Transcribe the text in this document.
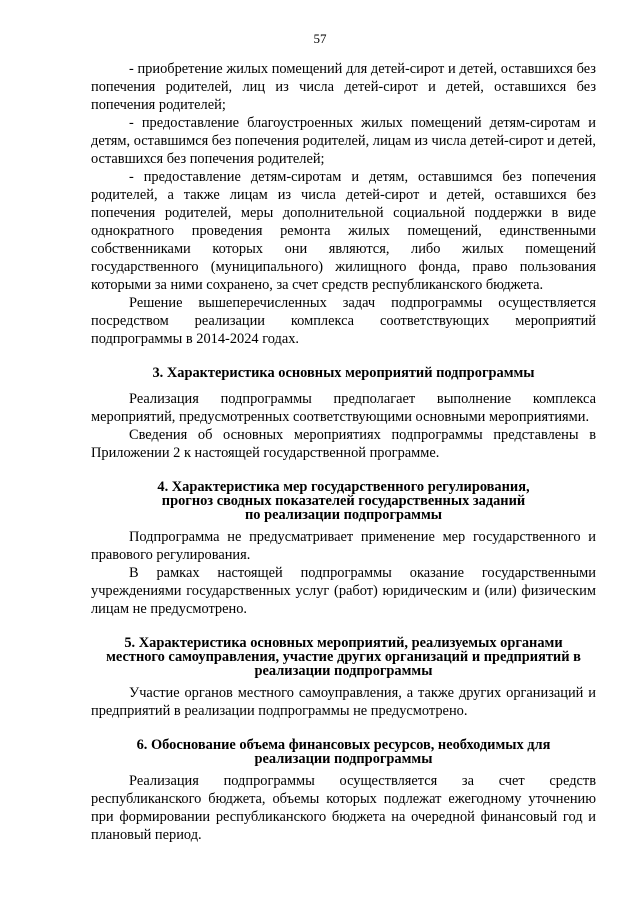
57

- приобретение жилых помещений для детей-сирот и детей, оставшихся без попечения родителей, лиц из числа детей-сирот и детей, оставшихся без попечения родителей;

- предоставление благоустроенных жилых помещений детям-сиротам и детям, оставшимся без попечения родителей, лицам из числа детей-сирот и детей, оставшихся без попечения родителей;

- предоставление детям-сиротам и детям, оставшимся без попечения родителей, а также лицам из числа детей-сирот и детей, оставшихся без попечения родителей, меры дополнительной социальной поддержки в виде однократного проведения ремонта жилых помещений, единственными собственниками которых они являются, либо жилых помещений государственного (муниципального) жилищного фонда, право пользования которыми за ними сохранено, за счет средств республиканского бюджета.

Решение вышеперечисленных задач подпрограммы осуществляется посредством реализации комплекса соответствующих мероприятий подпрограммы в 2014-2024 годах.

3. Характеристика основных мероприятий подпрограммы

Реализация подпрограммы предполагает выполнение комплекса мероприятий, предусмотренных соответствующими основными мероприятиями.

Сведения об основных мероприятиях подпрограммы представлены в Приложении 2 к настоящей государственной программе.

4. Характеристика мер государственного регулирования,
прогноз сводных показателей государственных заданий
по реализации подпрограммы

Подпрограмма не предусматривает применение мер государственного и правового регулирования.

В рамках настоящей подпрограммы оказание государственными учреждениями государственных услуг (работ) юридическим и (или) физическим лицам не предусмотрено.

5. Характеристика основных мероприятий, реализуемых органами
местного самоуправления, участие других организаций и предприятий в
реализации подпрограммы

Участие органов местного самоуправления, а также других организаций и предприятий в реализации подпрограммы не предусмотрено.

6. Обоснование объема финансовых ресурсов, необходимых для
реализации подпрограммы

Реализация подпрограммы осуществляется за счет средств республиканского бюджета, объемы которых подлежат ежегодному уточнению при формировании республиканского бюджета на очередной финансовый год и плановый период.
